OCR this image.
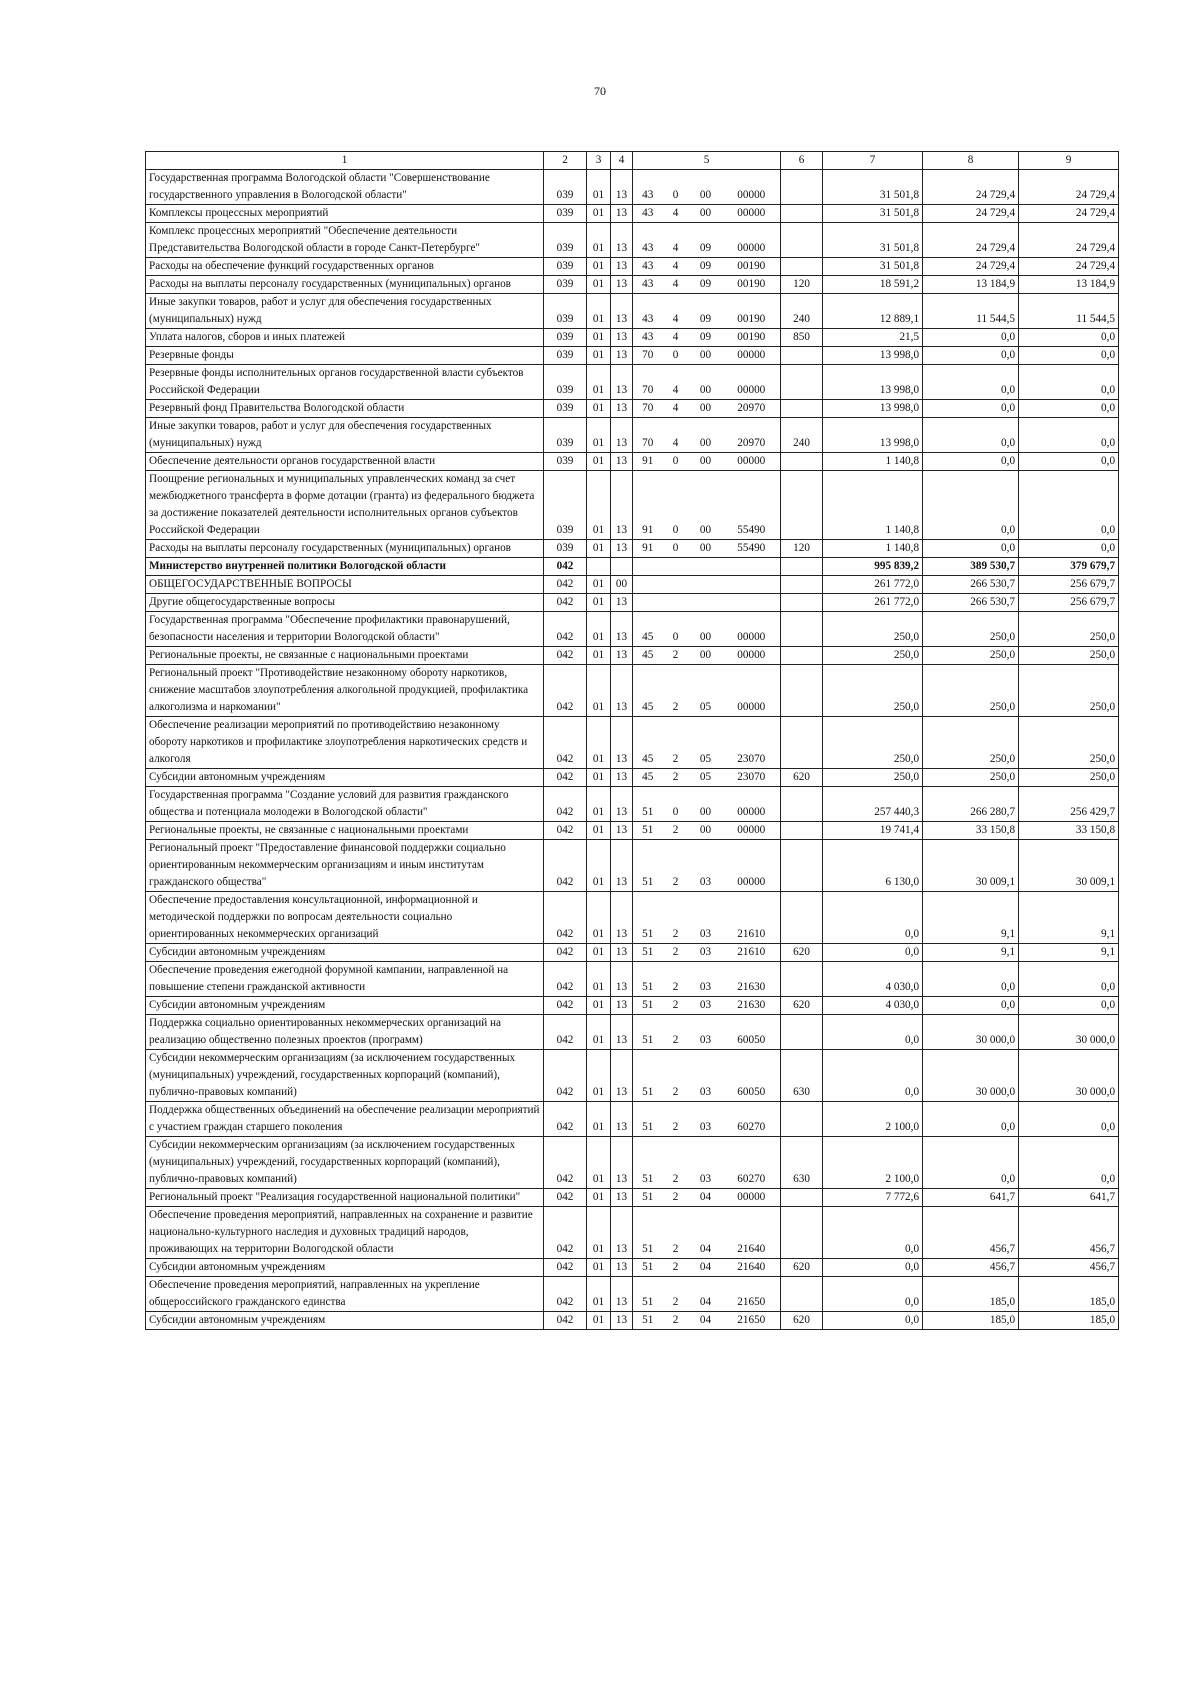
70
1	2	3	4	5				6	7	8	9
Государственная программа Вологодской области "Совершенствование государственного управления в Вологодской области"	039	01	13	43	0	00	00000		31 501,8	24 729,4	24 729,4
Комплексы процессных мероприятий	039	01	13	43	4	00	00000		31 501,8	24 729,4	24 729,4
Комплекс процессных мероприятий "Обеспечение деятельности Представительства Вологодской области в городе Санкт-Петербурге"	039	01	13	43	4	09	00000		31 501,8	24 729,4	24 729,4
Расходы на обеспечение функций государственных органов	039	01	13	43	4	09	00190		31 501,8	24 729,4	24 729,4
Расходы на выплаты персоналу государственных (муниципальных) органов	039	01	13	43	4	09	00190	120	18 591,2	13 184,9	13 184,9
Иные закупки товаров, работ и услуг для обеспечения государственных (муниципальных) нужд	039	01	13	43	4	09	00190	240	12 889,1	11 544,5	11 544,5
Уплата налогов, сборов и иных платежей	039	01	13	43	4	09	00190	850	21,5	0,0	0,0
Резервные фонды	039	01	13	70	0	00	00000		13 998,0	0,0	0,0
Резервные фонды исполнительных органов государственной власти субъектов Российской Федерации	039	01	13	70	4	00	00000		13 998,0	0,0	0,0
Резервный фонд Правительства Вологодской области	039	01	13	70	4	00	20970		13 998,0	0,0	0,0
Иные закупки товаров, работ и услуг для обеспечения государственных (муниципальных) нужд	039	01	13	70	4	00	20970	240	13 998,0	0,0	0,0
Обеспечение деятельности органов государственной власти	039	01	13	91	0	00	00000		1 140,8	0,0	0,0
Поощрение региональных и муниципальных управленческих команд за счет межбюджетного трансферта в форме дотации (гранта) из федерального бюджета за достижение показателей деятельности исполнительных органов субъектов Российской Федерации	039	01	13	91	0	00	55490		1 140,8	0,0	0,0
Расходы на выплаты персоналу государственных (муниципальных) органов	039	01	13	91	0	00	55490	120	1 140,8	0,0	0,0
Министерство внутренней политики Вологодской области	042								995 839,2	389 530,7	379 679,7
ОБЩЕГОСУДАРСТВЕННЫЕ ВОПРОСЫ	042	01	00						261 772,0	266 530,7	256 679,7
Другие общегосударственные вопросы	042	01	13						261 772,0	266 530,7	256 679,7
Государственная программа "Обеспечение профилактики правонарушений, безопасности населения и территории Вологодской области"	042	01	13	45	0	00	00000		250,0	250,0	250,0
Региональные проекты, не связанные с национальными проектами	042	01	13	45	2	00	00000		250,0	250,0	250,0
Региональный проект "Противодействие незаконному обороту наркотиков, снижение масштабов злоупотребления алкогольной продукцией, профилактика алкоголизма и наркомании"	042	01	13	45	2	05	00000		250,0	250,0	250,0
Обеспечение реализации мероприятий по противодействию незаконному обороту наркотиков и профилактике злоупотребления наркотических средств и алкоголя	042	01	13	45	2	05	23070		250,0	250,0	250,0
Субсидии автономным учреждениям	042	01	13	45	2	05	23070	620	250,0	250,0	250,0
Государственная программа "Создание условий для развития гражданского общества и потенциала молодежи в Вологодской области"	042	01	13	51	0	00	00000		257 440,3	266 280,7	256 429,7
Региональные проекты, не связанные с национальными проектами	042	01	13	51	2	00	00000		19 741,4	33 150,8	33 150,8
Региональный проект "Предоставление финансовой поддержки социально ориентированным некоммерческим организациям и иным институтам гражданского общества"	042	01	13	51	2	03	00000		6 130,0	30 009,1	30 009,1
Обеспечение предоставления консультационной, информационной и методической поддержки по вопросам деятельности социально ориентированных некоммерческих организаций	042	01	13	51	2	03	21610		0,0	9,1	9,1
Субсидии автономным учреждениям	042	01	13	51	2	03	21610	620	0,0	9,1	9,1
Обеспечение проведения ежегодной форумной кампании, направленной на повышение степени гражданской активности	042	01	13	51	2	03	21630		4 030,0	0,0	0,0
Субсидии автономным учреждениям	042	01	13	51	2	03	21630	620	4 030,0	0,0	0,0
Поддержка социально ориентированных некоммерческих организаций на реализацию общественно полезных проектов (программ)	042	01	13	51	2	03	60050		0,0	30 000,0	30 000,0
Субсидии некоммерческим организациям (за исключением государственных (муниципальных) учреждений, государственных корпораций (компаний), публично-правовых компаний)	042	01	13	51	2	03	60050	630	0,0	30 000,0	30 000,0
Поддержка общественных объединений на обеспечение реализации мероприятий с участием граждан старшего поколения	042	01	13	51	2	03	60270		2 100,0	0,0	0,0
Субсидии некоммерческим организациям (за исключением государственных (муниципальных) учреждений, государственных корпораций (компаний), публично-правовых компаний)	042	01	13	51	2	03	60270	630	2 100,0	0,0	0,0
Региональный проект "Реализация государственной национальной политики"	042	01	13	51	2	04	00000		7 772,6	641,7	641,7
Обеспечение проведения мероприятий, направленных на сохранение и развитие национально-культурного наследия и духовных традиций народов, проживающих на территории Вологодской области	042	01	13	51	2	04	21640		0,0	456,7	456,7
Субсидии автономным учреждениям	042	01	13	51	2	04	21640	620	0,0	456,7	456,7
Обеспечение проведения мероприятий, направленных на укрепление общероссийского гражданского единства	042	01	13	51	2	04	21650		0,0	185,0	185,0
Субсидии автономным учреждениям	042	01	13	51	2	04	21650	620	0,0	185,0	185,0
